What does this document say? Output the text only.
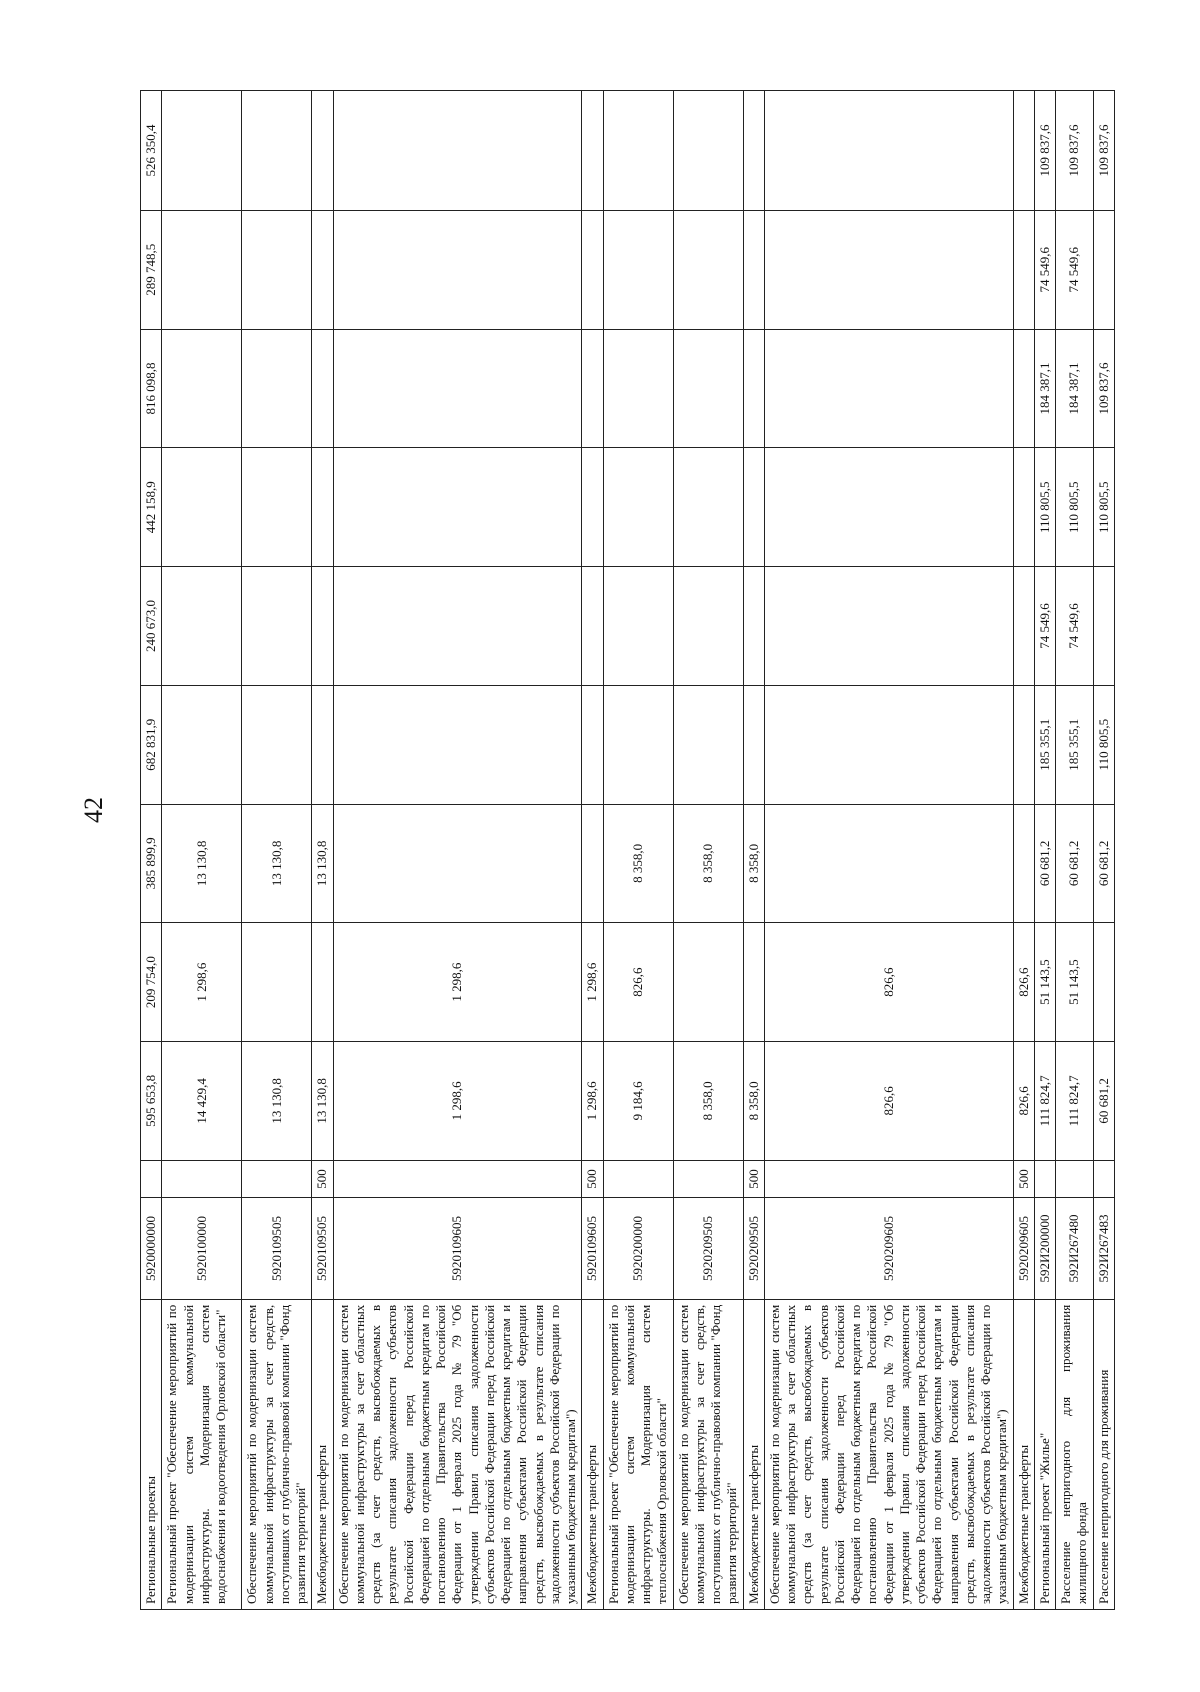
42
Региональные проекты	5920000000		595 653,8	209 754,0	385 899,9	682 831,9	240 673,0	442 158,9	816 098,8	289 748,5	526 350,4
Региональный проект "Обеспечение мероприятий по модернизации систем коммунальной инфраструктуры. Модернизация систем водоснабжения и водоотведения Орловской области"	5920100000		14 429,4	1 298,6	13 130,8						
Обеспечение мероприятий по модернизации систем коммунальной инфраструктуры за счет средств, поступивших от публично-правовой компании "Фонд развития территорий"	5920109505		13 130,8		13 130,8						
Межбюджетные трансферты	5920109505	500	13 130,8		13 130,8						
Обеспечение мероприятий по модернизации систем коммунальной инфраструктуры за счет областных средств (за счет средств, высвобождаемых в результате списания задолженности субъектов Российской Федерации перед Российской Федерацией по отдельным бюджетным кредитам по постановлению Правительства Российской Федерации от 1 февраля 2025 года № 79 "Об утверждении Правил списания задолженности субъектов Российской Федерации перед Российской Федерацией по отдельным бюджетным кредитам и направления субъектами Российской Федерации средств, высвобождаемых в результате списания задолженности субъектов Российской Федерации по указанным бюджетным кредитам")	5920109605		1 298,6	1 298,6							
Межбюджетные трансферты	5920109605	500	1 298,6	1 298,6							
Региональный проект "Обеспечение мероприятий по модернизации систем коммунальной инфраструктуры. Модернизация систем теплоснабжения Орловской области"	5920200000		9 184,6	826,6	8 358,0						
Обеспечение мероприятий по модернизации систем коммунальной инфраструктуры за счет средств, поступивших от публично-правовой компании "Фонд развития территорий"	5920209505		8 358,0		8 358,0						
Межбюджетные трансферты	5920209505	500	8 358,0		8 358,0						
Обеспечение мероприятий по модернизации систем коммунальной инфраструктуры за счет областных средств (за счет средств, высвобождаемых в результате списания задолженности субъектов Российской Федерации перед Российской Федерацией по отдельным бюджетным кредитам по постановлению Правительства Российской Федерации от 1 февраля 2025 года № 79 "Об утверждении Правил списания задолженности субъектов Российской Федерации перед Российской Федерацией по отдельным бюджетным кредитам и направления субъектами Российской Федерации средств, высвобождаемых в результате списания задолженности субъектов Российской Федерации по указанным бюджетным кредитам")	5920209605		826,6	826,6							
Межбюджетные трансферты	5920209605	500	826,6	826,6							
Региональный проект "Жилье"	592И200000		111 824,7	51 143,5	60 681,2	185 355,1	74 549,6	110 805,5	184 387,1	74 549,6	109 837,6
Расселение непригодного для проживания жилищного фонда	592И267480		111 824,7	51 143,5	60 681,2	185 355,1	74 549,6	110 805,5	184 387,1	74 549,6	109 837,6
Расселение непригодного для проживания	592И267483		60 681,2		60 681,2	110 805,5		110 805,5	109 837,6		109 837,6
